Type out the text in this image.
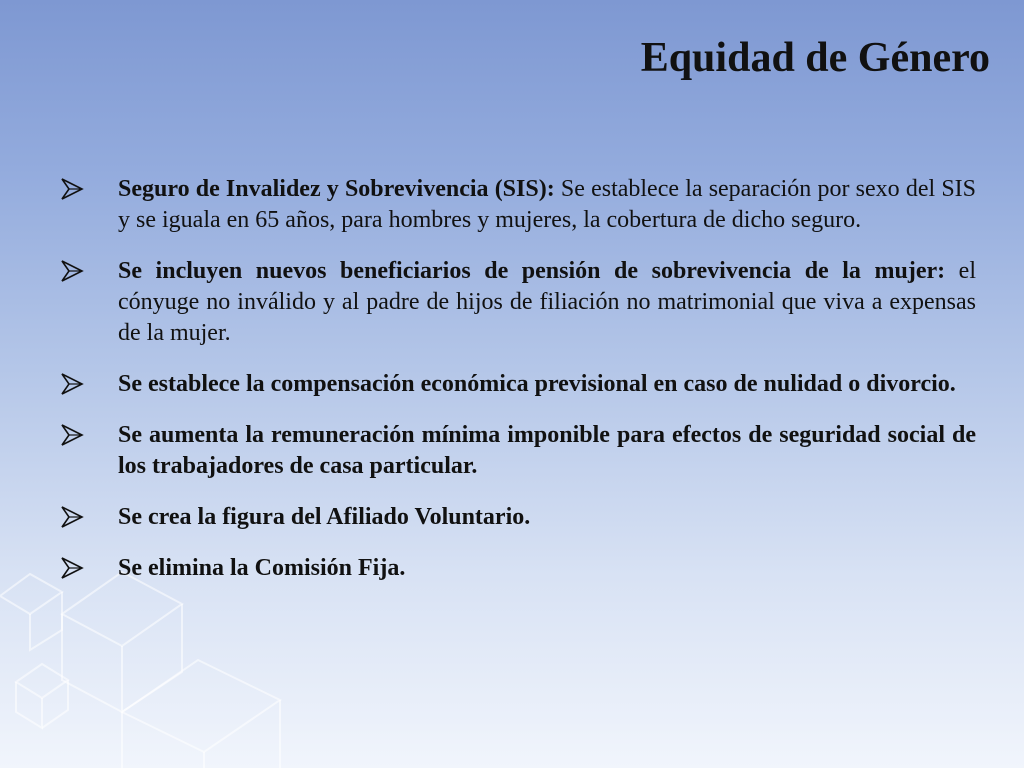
Equidad de Género
Seguro de Invalidez y Sobrevivencia (SIS): Se establece la separación por sexo del SIS y se iguala en 65 años, para hombres y mujeres, la cobertura de dicho seguro.
Se incluyen nuevos beneficiarios de pensión de sobrevivencia de la mujer: el cónyuge no inválido y al padre de hijos de filiación no matrimonial que viva a expensas de la mujer.
Se establece la compensación económica previsional en caso de nulidad o divorcio.
Se aumenta la remuneración mínima imponible para efectos de seguridad social de los trabajadores de casa particular.
Se crea la figura del Afiliado Voluntario.
Se elimina la Comisión Fija.
